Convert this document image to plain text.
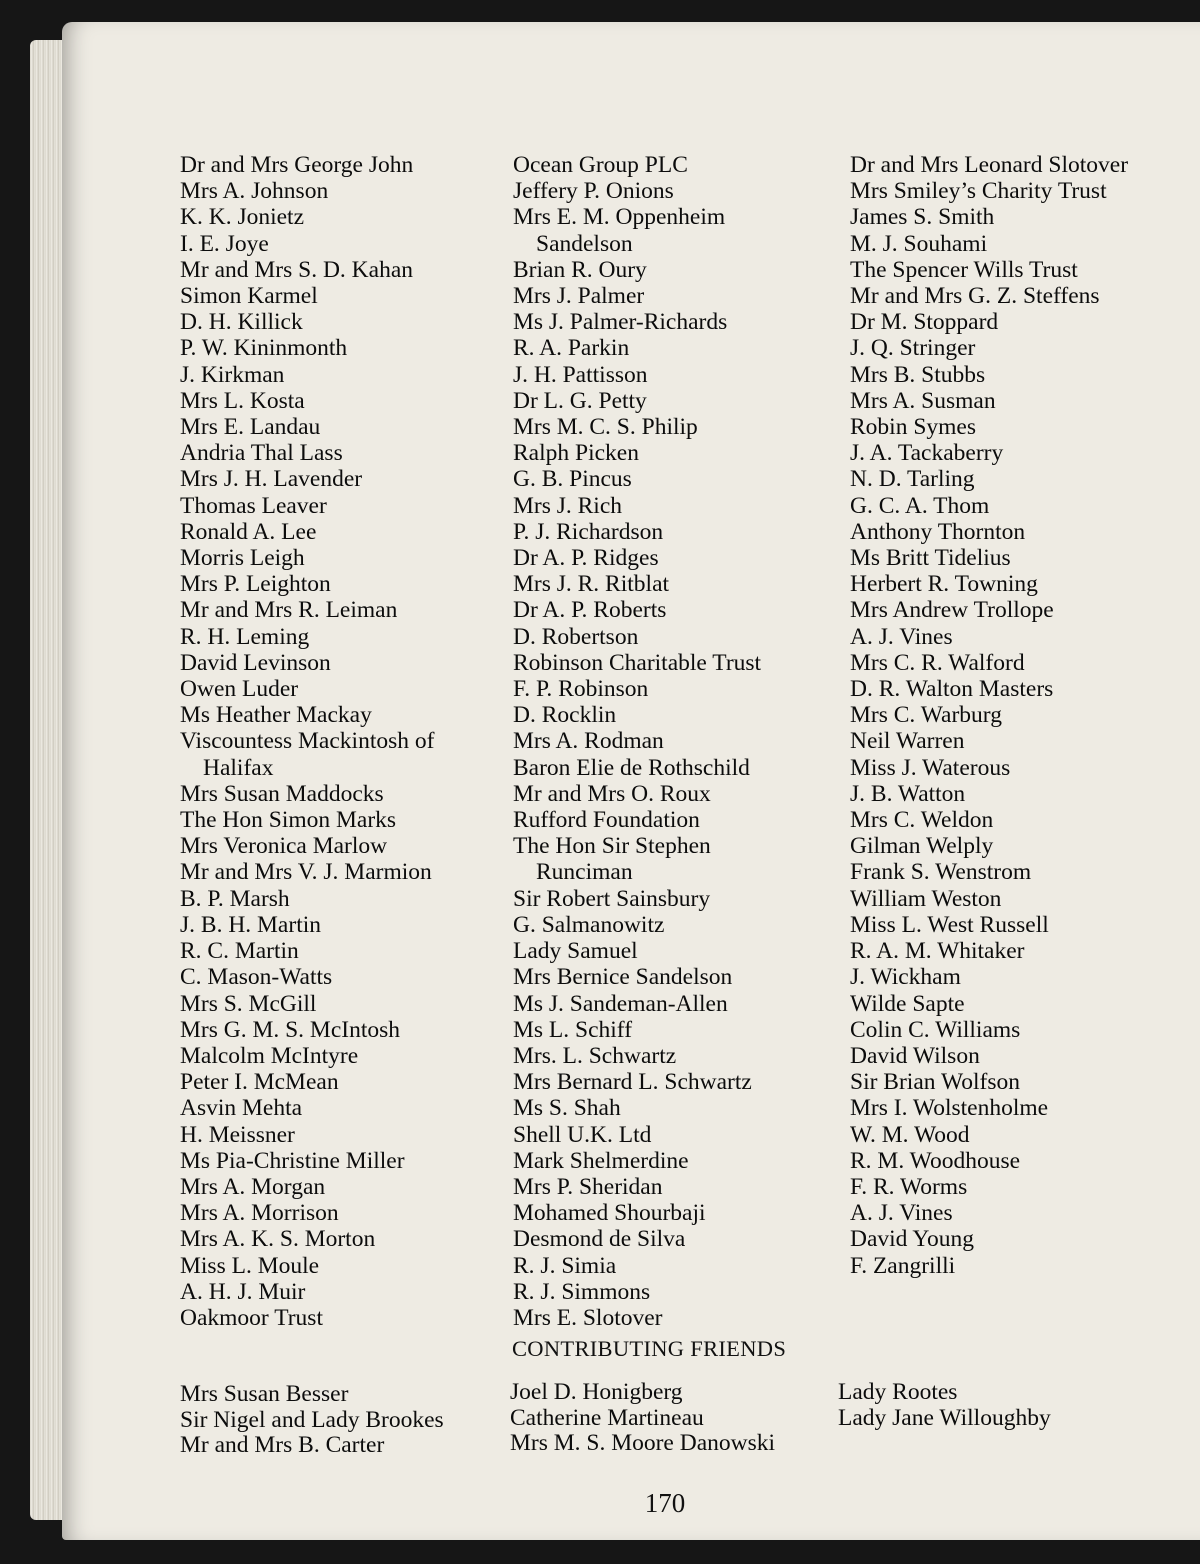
Dr and Mrs George John
Mrs A. Johnson
K. K. Jonietz
I. E. Joye
Mr and Mrs S. D. Kahan
Simon Karmel
D. H. Killick
P. W. Kininmonth
J. Kirkman
Mrs L. Kosta
Mrs E. Landau
Andria Thal Lass
Mrs J. H. Lavender
Thomas Leaver
Ronald A. Lee
Morris Leigh
Mrs P. Leighton
Mr and Mrs R. Leiman
R. H. Leming
David Levinson
Owen Luder
Ms Heather Mackay
Viscountess Mackintosh of
Halifax
Mrs Susan Maddocks
The Hon Simon Marks
Mrs Veronica Marlow
Mr and Mrs V. J. Marmion
B. P. Marsh
J. B. H. Martin
R. C. Martin
C. Mason-Watts
Mrs S. McGill
Mrs G. M. S. McIntosh
Malcolm McIntyre
Peter I. McMean
Asvin Mehta
H. Meissner
Ms Pia-Christine Miller
Mrs A. Morgan
Mrs A. Morrison
Mrs A. K. S. Morton
Miss L. Moule
A. H. J. Muir
Oakmoor Trust
Ocean Group PLC
Jeffery P. Onions
Mrs E. M. Oppenheim
Sandelson
Brian R. Oury
Mrs J. Palmer
Ms J. Palmer-Richards
R. A. Parkin
J. H. Pattisson
Dr L. G. Petty
Mrs M. C. S. Philip
Ralph Picken
G. B. Pincus
Mrs J. Rich
P. J. Richardson
Dr A. P. Ridges
Mrs J. R. Ritblat
Dr A. P. Roberts
D. Robertson
Robinson Charitable Trust
F. P. Robinson
D. Rocklin
Mrs A. Rodman
Baron Elie de Rothschild
Mr and Mrs O. Roux
Rufford Foundation
The Hon Sir Stephen
Runciman
Sir Robert Sainsbury
G. Salmanowitz
Lady Samuel
Mrs Bernice Sandelson
Ms J. Sandeman-Allen
Ms L. Schiff
Mrs. L. Schwartz
Mrs Bernard L. Schwartz
Ms S. Shah
Shell U.K. Ltd
Mark Shelmerdine
Mrs P. Sheridan
Mohamed Shourbaji
Desmond de Silva
R. J. Simia
R. J. Simmons
Mrs E. Slotover
Dr and Mrs Leonard Slotover
Mrs Smiley’s Charity Trust
James S. Smith
M. J. Souhami
The Spencer Wills Trust
Mr and Mrs G. Z. Steffens
Dr M. Stoppard
J. Q. Stringer
Mrs B. Stubbs
Mrs A. Susman
Robin Symes
J. A. Tackaberry
N. D. Tarling
G. C. A. Thom
Anthony Thornton
Ms Britt Tidelius
Herbert R. Towning
Mrs Andrew Trollope
A. J. Vines
Mrs C. R. Walford
D. R. Walton Masters
Mrs C. Warburg
Neil Warren
Miss J. Waterous
J. B. Watton
Mrs C. Weldon
Gilman Welply
Frank S. Wenstrom
William Weston
Miss L. West Russell
R. A. M. Whitaker
J. Wickham
Wilde Sapte
Colin C. Williams
David Wilson
Sir Brian Wolfson
Mrs I. Wolstenholme
W. M. Wood
R. M. Woodhouse
F. R. Worms
A. J. Vines
David Young
F. Zangrilli
CONTRIBUTING FRIENDS
Mrs Susan Besser
Sir Nigel and Lady Brookes
Mr and Mrs B. Carter
Joel D. Honigberg
Catherine Martineau
Mrs M. S. Moore Danowski
Lady Rootes
Lady Jane Willoughby
170
